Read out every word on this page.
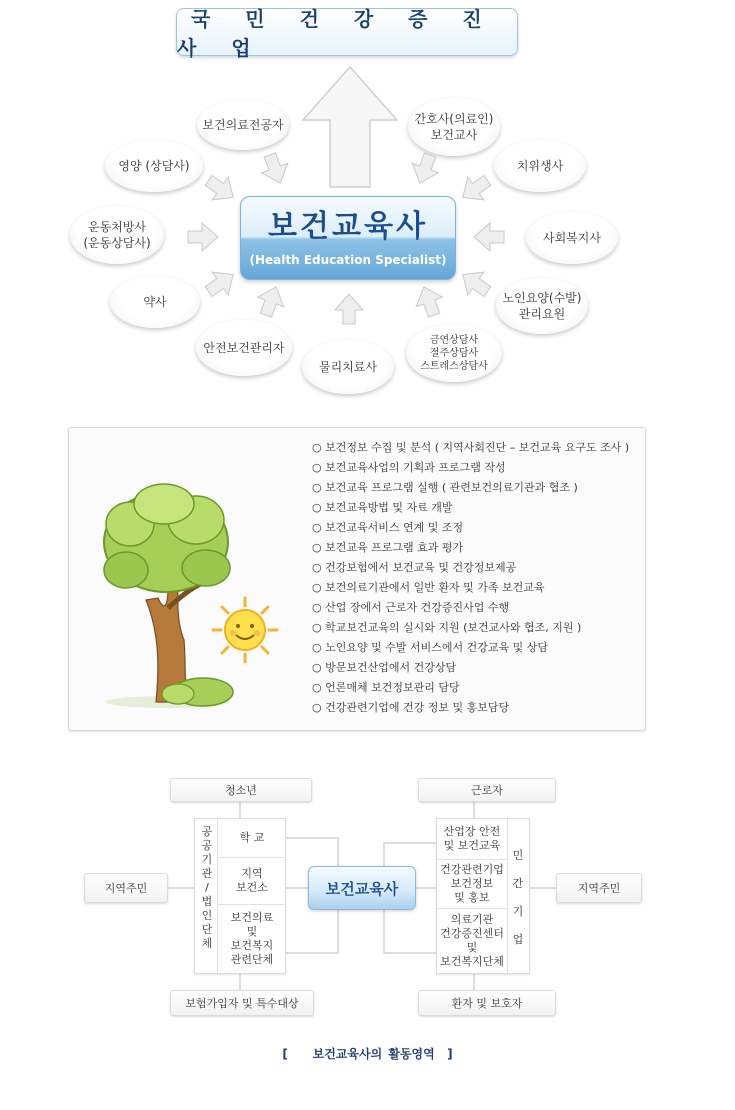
국 민 건 강 증 진 사 업
보건의료전공자	간호사(의료인)
보건교사
영양 (상담사)	치위생사
운동처방사
(운동상담사)	사회복지사
약사	노인요양(수발)
관리요원
안전보건관리자
물리치료사
금연상담사
절주상담사
스트레스상담사
보건교육사
(Health Education Specialist)
○ 보건정보 수집 및 분석 ( 지역사회진단 – 보건교육 요구도 조사 )
○ 보건교육사업의 기획과 프로그램 작성
○ 보건교육 프로그램 실행 ( 관련보건의료기관과 협조 )
○ 보건교육방법 및 자료 개발
○ 보건교육서비스 연계 및 조정
○ 보건교육 프로그램 효과 평가
○ 건강보험에서 보건교육 및 건강정보제공
○ 보건의료기관에서 일반 환자 및 가족 보건교육
○ 산업 장에서 근로자 건강증진사업 수행
○ 학교보건교육의 실시와 지원 (보건교사와 협조, 지원 )
○ 노인요양 및 수발 서비스에서 건강교육 및 상담
○ 방문보건산업에서 건강상담
○ 언론매체 보건정보관리 담당
○ 건강관련기업에 건강 정보 및 홍보담당
청소년	근로자
지역주민	지역주민
보험가입자 및 특수대상	환자 및 보호자
공
공
기
관
/
법
인
단
체
학 교
지역
보건소
보건의료
및
보건복지
관련단체
산업장 안전
및 보건교육
건강관련기업
보건정보
및 홍보
의료기관
건강증진센터
및
보건복지단체
민

간

기

업
보건교육사
[    보건교육사의 활동영역  ]
